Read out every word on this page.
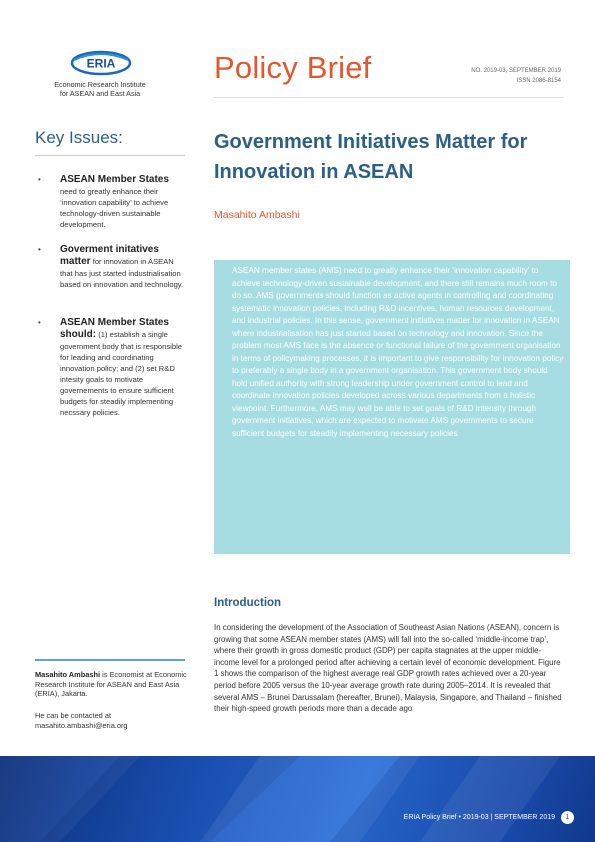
ERIA
Economic Research Institute
for ASEAN and East Asia
Policy Brief	NO. 2019-03, SEPTEMBER 2019
ISSN 2086-8154
Key Issues:
• ASEAN Member States
need to greatly enhance their ‘innovation capability’ to achieve technology-driven sustainable development.
• Goverment initatives matter for innovation in ASEAN that has just started industrialisation based on innovation and technology.
• ASEAN Member States should: (1) establish a single government body that is responsible for leading and coordinating innovation policy; and (2) set R&D intesity goals to motivate governements to ensure sufficient budgets for steadily implementing necssary policies.
Masahito Ambashi is Economist at Economic Research Institute for ASEAN and East Asia (ERIA), Jakarta.
He can be contacted at
masahito.ambashi@eria.org
Government Initiatives Matter for Innovation in ASEAN
Masahito Ambashi
ASEAN member states (AMS) need to greatly enhance their ‘innovation capability’ to achieve technology-driven sustainable development, and there still remains much room to do so. AMS governments should function as active agents in controlling and coordinating systematic innovation policies, including R&D incentives, human resources development, and industrial policies. In this sense, government initiatives matter for innovation in ASEAN where industrialisation has just started based on technology and innovation. Since the problem most AMS face is the absence or functional failure of the government organisation in terms of policymaking processes, it is important to give responsibility for innovation policy to preferably a single body in a government organisation. This government body should hold unified authority with strong leadership under government control to lead and coordinate innovation policies developed across various departments from a holistic viewpoint. Furthermore, AMS may well be able to set goals of R&D intensity through government initiatives, which are expected to motivate AMS governments to secure sufficient budgets for steadily implementing necessary policies
Introduction
In considering the development of the Association of Southeast Asian Nations (ASEAN), concern is growing that some ASEAN member states (AMS) will fall into the so-called ‘middle-income trap’, where their growth in gross domestic product (GDP) per capita stagnates at the upper middle-income level for a prolonged period after achieving a certain level of economic development. Figure 1 shows the comparison of the highest average real GDP growth rates achieved over a 20-year period before 2005 versus the 10-year average growth rate during 2005–2014. It is revealed that several AMS – Brunei Darussalam (hereafter, Brunei), Malaysia, Singapore, and Thailand – finished their high-speed growth periods more than a decade ago
ERIA Policy Brief • 2019-03 | SEPTEMBER 2019	1
